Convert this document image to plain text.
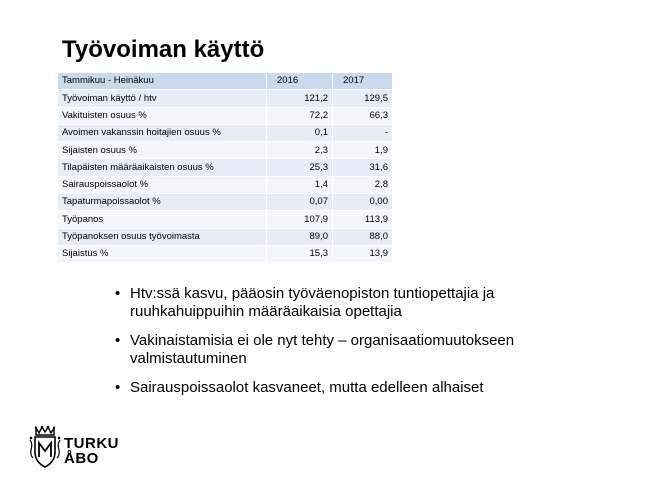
Työvoiman käyttö
Tammikuu - Heinäkuu	2016	2017
Työvoiman käyttö / htv	121,2	129,5
Vakituisten osuus %	72,2	66,3
Avoimen vakanssin hoitajien osuus %	0,1	-
Sijaisten osuus %	2,3	1,9
Tilapäisten määräaikaisten osuus %	25,3	31,6
Sairauspoissaolot %	1,4	2,8
Tapaturmapoissaolot %	0,07	0,00
Työpanos	107,9	113,9
Työpanoksen osuus työvoimasta	89,0	88,0
Sijaistus %	15,3	13,9
• Htv:ssä kasvu, pääosin työväenopiston tuntiopettajia ja ruuhkahuippuihin määräaikaisia opettajia
• Vakinaistamisia ei ole nyt tehty – organisaatiomuutokseen valmistautuminen
• Sairauspoissaolot kasvaneet, mutta edelleen alhaiset
TURKU
ÅBO
